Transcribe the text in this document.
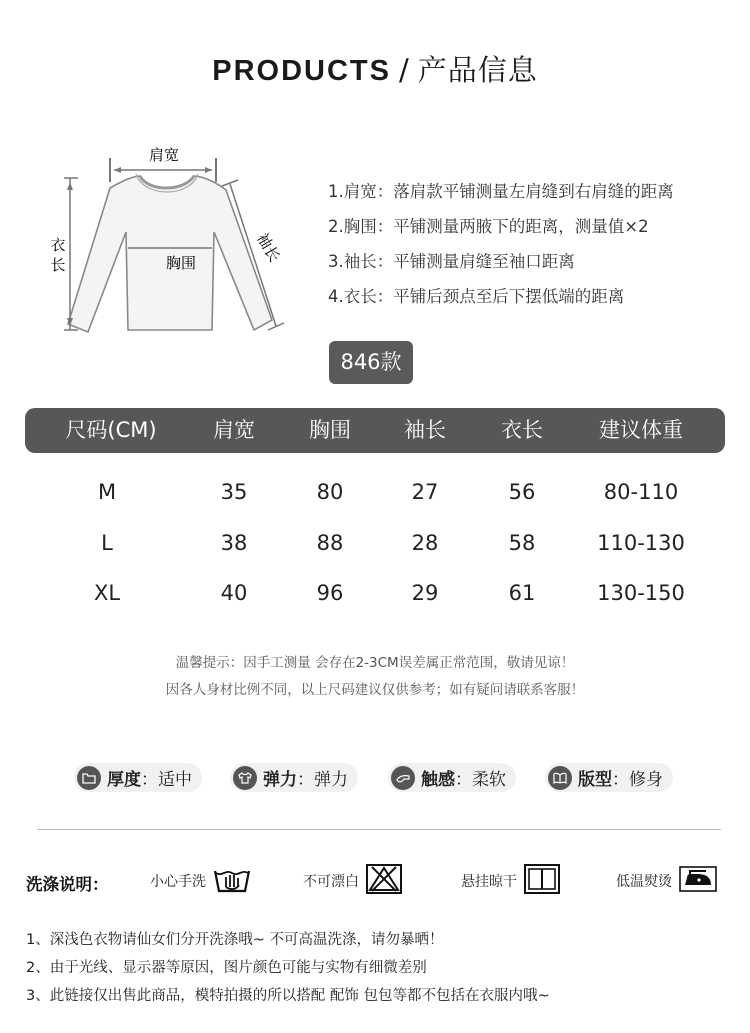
PRODUCTS / 产品信息
肩宽
胸围
衣
长
袖长
1.肩宽：落肩款平铺测量左肩缝到右肩缝的距离
2.胸围：平铺测量两腋下的距离，测量值×2
3.袖长：平铺测量肩缝至袖口距离
4.衣长：平铺后颈点至后下摆低端的距离
846款
尺码(CM)	肩宽	胸围	袖长	衣长	建议体重
M	35	80	27	56	80-110
L	38	88	28	58	110-130
XL	40	96	29	61	130-150
温馨提示：因手工测量 会存在2-3CM误差属正常范围，敬请见谅！
因各人身材比例不同，以上尺码建议仅供参考；如有疑问请联系客服！
厚度：适中	弹力：弹力	触感：柔软	版型：修身
洗涤说明：	小心手洗	不可漂白	悬挂晾干	低温熨烫
1、深浅色衣物请仙女们分开洗涤哦~ 不可高温洗涤，请勿暴晒！
2、由于光线、显示器等原因，图片颜色可能与实物有细微差别
3、此链接仅出售此商品，模特拍摄的所以搭配 配饰 包包等都不包括在衣服内哦~
